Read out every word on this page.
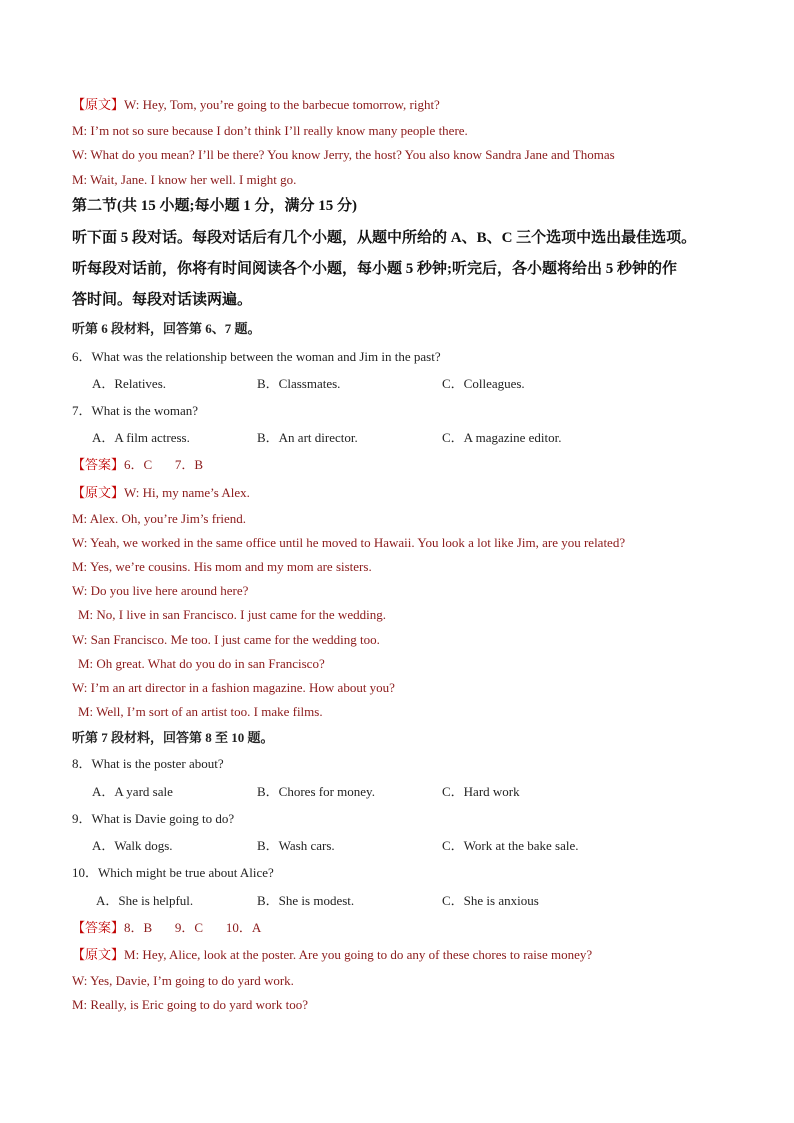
【原文】W: Hey, Tom, you’re going to the barbecue tomorrow, right?
M: I’m not so sure because I don’t think I’ll really know many people there.
W: What do you mean? I’ll be there? You know Jerry, the host? You also know Sandra Jane and Thomas
M: Wait, Jane. I know her well. I might go.
第二节(共 15 小题;每小题 1 分，满分 15 分)
听下面 5 段对话。每段对话后有几个小题，从题中所给的 A、B、C 三个选项中选出最佳选项。
听每段对话前，你将有时间阅读各个小题，每小题 5 秒钟;听完后，各小题将给出 5 秒钟的作
答时间。每段对话读两遍。
听第 6 段材料，回答第 6、7 题。
6．What was the relationship between the woman and Jim in the past?
A．Relatives.	B．Classmates.	C．Colleagues.
7．What is the woman?
A．A film actress.	B．An art director.	C．A magazine editor.
【答案】6．C       7．B
【原文】W: Hi, my name’s Alex.
M: Alex. Oh, you’re Jim’s friend.
W: Yeah, we worked in the same office until he moved to Hawaii. You look a lot like Jim, are you related?
M: Yes, we’re cousins. His mom and my mom are sisters.
W: Do you live here around here?
M: No, I live in san Francisco. I just came for the wedding.
W: San Francisco. Me too. I just came for the wedding too.
M: Oh great. What do you do in san Francisco?
W: I’m an art director in a fashion magazine. How about you?
M: Well, I’m sort of an artist too. I make films.
听第 7 段材料，回答第 8 至 10 题。
8．What is the poster about?
A．A yard sale	B．Chores for money.	C．Hard work
9．What is Davie going to do?
A．Walk dogs.	B．Wash cars.	C．Work at the bake sale.
10．Which might be true about Alice?
A．She is helpful.	B．She is modest.	C．She is anxious
【答案】8．B       9．C       10．A
【原文】M: Hey, Alice, look at the poster. Are you going to do any of these chores to raise money?
W: Yes, Davie, I’m going to do yard work.
M: Really, is Eric going to do yard work too?
